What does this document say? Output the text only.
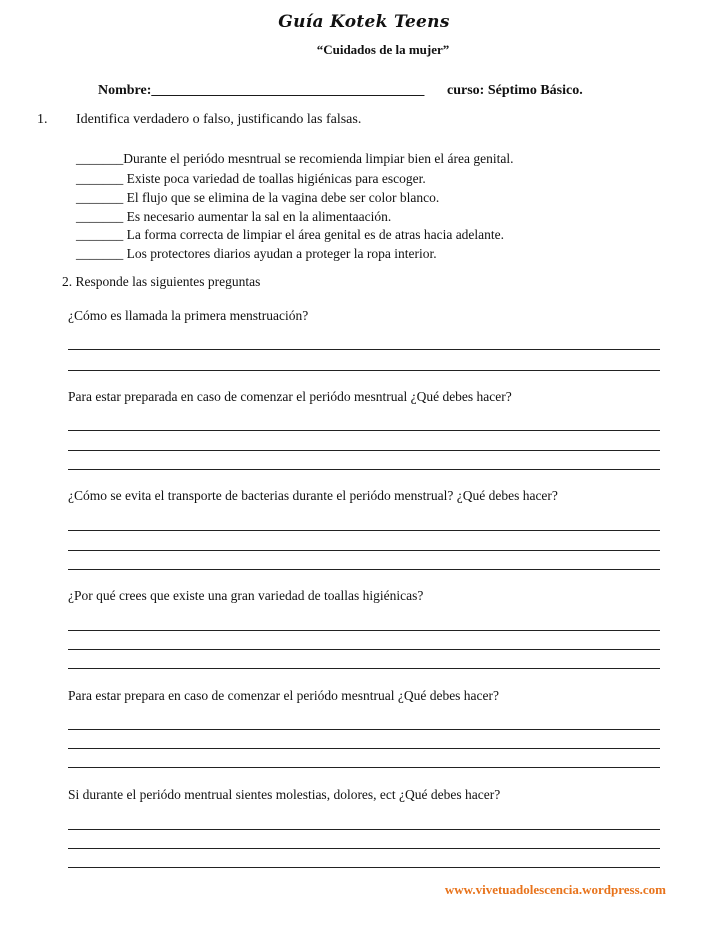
Guía Kotek Teens
“Cuidados de la mujer”
Nombre:_______________________________________ curso: Séptimo Básico.
1. Identifica verdadero o falso, justificando las falsas.
_______Durante el periódo mesntrual se recomienda limpiar bien el área genital.
_______ Existe poca variedad de toallas higiénicas para escoger.
_______ El flujo que se elimina de la vagina debe ser color blanco.
_______ Es necesario aumentar la sal en la alimentaación.
_______ La forma correcta de limpiar el área genital es de atras hacia adelante.
_______ Los protectores diarios ayudan a proteger la ropa interior.
2. Responde las siguientes preguntas
¿Cómo es llamada la primera menstruación?
Para estar preparada en caso de comenzar el periódo mesntrual ¿Qué debes hacer?
¿Cómo se evita el transporte de bacterias durante el periódo menstrual? ¿Qué debes hacer?
¿Por qué crees que existe una gran variedad de toallas higiénicas?
Para estar prepara en caso de comenzar el periódo mesntrual ¿Qué debes hacer?
Si durante el periódo mentrual sientes molestias, dolores, ect ¿Qué debes hacer?
www.vivetuadolescencia.wordpress.com
